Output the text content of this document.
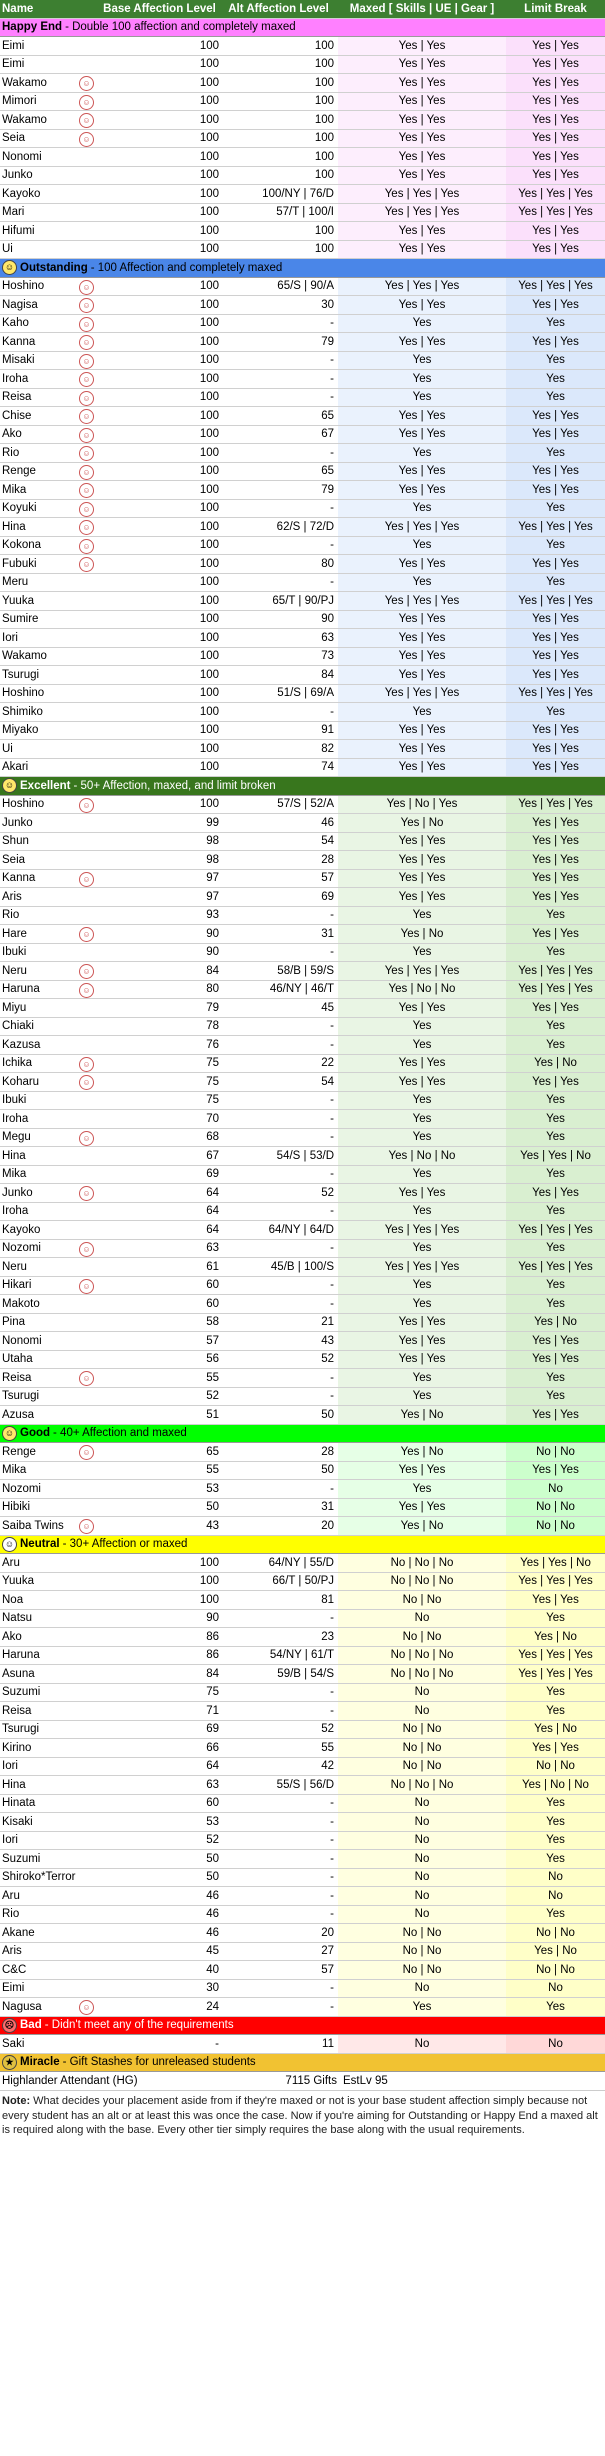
Name	Base Affection Level	Alt Affection Level	Maxed [ Skills | UE | Gear ]	Limit Break
Happy End - Double 100 affection and completely maxed
Eimi	100	100	Yes | Yes	Yes | Yes
Eimi	100	100	Yes | Yes	Yes | Yes
Wakamo	☺	100	100	Yes | Yes	Yes | Yes
Mimori	☺	100	100	Yes | Yes	Yes | Yes
Wakamo	☺	100	100	Yes | Yes	Yes | Yes
Seia	☺	100	100	Yes | Yes	Yes | Yes
Nonomi	100	100	Yes | Yes	Yes | Yes
Junko	100	100	Yes | Yes	Yes | Yes
Kayoko	100	100/NY | 76/D	Yes | Yes | Yes	Yes | Yes | Yes
Mari	100	57/T | 100/I	Yes | Yes | Yes	Yes | Yes | Yes
Hifumi	100	100	Yes | Yes	Yes | Yes
Ui	100	100	Yes | Yes	Yes | Yes
☺ Outstanding - 100 Affection and completely maxed
Hoshino	☺	100	65/S | 90/A	Yes | Yes | Yes	Yes | Yes | Yes
Nagisa	☺	100	30	Yes | Yes	Yes | Yes
Kaho	☺	100	-	Yes	Yes
Kanna	☺	100	79	Yes | Yes	Yes | Yes
Misaki	☺	100	-	Yes	Yes
Iroha	☺	100	-	Yes	Yes
Reisa	☺	100	-	Yes	Yes
Chise	☺	100	65	Yes | Yes	Yes | Yes
Ako	☺	100	67	Yes | Yes	Yes | Yes
Rio	☺	100	-	Yes	Yes
Renge	☺	100	65	Yes | Yes	Yes | Yes
Mika	☺	100	79	Yes | Yes	Yes | Yes
Koyuki	☺	100	-	Yes	Yes
Hina	☺	100	62/S | 72/D	Yes | Yes | Yes	Yes | Yes | Yes
Kokona	☺	100	-	Yes	Yes
Fubuki	☺	100	80	Yes | Yes	Yes | Yes
Meru	100	-	Yes	Yes
Yuuka	100	65/T | 90/PJ	Yes | Yes | Yes	Yes | Yes | Yes
Sumire	100	90	Yes | Yes	Yes | Yes
Iori	100	63	Yes | Yes	Yes | Yes
Wakamo	100	73	Yes | Yes	Yes | Yes
Tsurugi	100	84	Yes | Yes	Yes | Yes
Hoshino	100	51/S | 69/A	Yes | Yes | Yes	Yes | Yes | Yes
Shimiko	100	-	Yes	Yes
Miyako	100	91	Yes | Yes	Yes | Yes
Ui	100	82	Yes | Yes	Yes | Yes
Akari	100	74	Yes | Yes	Yes | Yes
☺ Excellent - 50+ Affection, maxed, and limit broken
Hoshino	☺	100	57/S | 52/A	Yes | No | Yes	Yes | Yes | Yes
Junko	99	46	Yes | No	Yes | Yes
Shun	98	54	Yes | Yes	Yes | Yes
Seia	98	28	Yes | Yes	Yes | Yes
Kanna	☺	97	57	Yes | Yes	Yes | Yes
Aris	97	69	Yes | Yes	Yes | Yes
Rio	93	-	Yes	Yes
Hare	☺	90	31	Yes | No	Yes | Yes
Ibuki	90	-	Yes	Yes
Neru	☺	84	58/B | 59/S	Yes | Yes | Yes	Yes | Yes | Yes
Haruna	☺	80	46/NY | 46/T	Yes | No | No	Yes | Yes | Yes
Miyu	79	45	Yes | Yes	Yes | Yes
Chiaki	78	-	Yes	Yes
Kazusa	76	-	Yes	Yes
Ichika	☺	75	22	Yes | Yes	Yes | No
Koharu	☺	75	54	Yes | Yes	Yes | Yes
Ibuki	75	-	Yes	Yes
Iroha	70	-	Yes	Yes
Megu	☺	68	-	Yes	Yes
Hina	67	54/S | 53/D	Yes | No | No	Yes | Yes | No
Mika	69	-	Yes	Yes
Junko	☺	64	52	Yes | Yes	Yes | Yes
Iroha	64	-	Yes	Yes
Kayoko	64	64/NY | 64/D	Yes | Yes | Yes	Yes | Yes | Yes
Nozomi	☺	63	-	Yes	Yes
Neru	61	45/B | 100/S	Yes | Yes | Yes	Yes | Yes | Yes
Hikari	☺	60	-	Yes	Yes
Makoto	60	-	Yes	Yes
Pina	58	21	Yes | Yes	Yes | No
Nonomi	57	43	Yes | Yes	Yes | Yes
Utaha	56	52	Yes | Yes	Yes | Yes
Reisa	☺	55	-	Yes	Yes
Tsurugi	52	-	Yes	Yes
Azusa	51	50	Yes | No	Yes | Yes
☺ Good - 40+ Affection and maxed
Renge	☺	65	28	Yes | No	No | No
Mika	55	50	Yes | Yes	Yes | Yes
Nozomi	53	-	Yes	No
Hibiki	50	31	Yes | Yes	No | No
Saiba Twins	☺	43	20	Yes | No	No | No
☺ Neutral - 30+ Affection or maxed
Aru	100	64/NY | 55/D	No | No | No	Yes | Yes | No
Yuuka	100	66/T | 50/PJ	No | No | No	Yes | Yes | Yes
Noa	100	81	No | No	Yes | Yes
Natsu	90	-	No	Yes
Ako	86	23	No | No	Yes | No
Haruna	86	54/NY | 61/T	No | No | No	Yes | Yes | Yes
Asuna	84	59/B | 54/S	No | No | No	Yes | Yes | Yes
Suzumi	75	-	No	Yes
Reisa	71	-	No	Yes
Tsurugi	69	52	No | No	Yes | No
Kirino	66	55	No | No	Yes | Yes
Iori	64	42	No | No	No | No
Hina	63	55/S | 56/D	No | No | No	Yes | No | No
Hinata	60	-	No	Yes
Kisaki	53	-	No	Yes
Iori	52	-	No	Yes
Suzumi	50	-	No	Yes
Shiroko*Terror	50	-	No	No
Aru	46	-	No	No
Rio	46	-	No	Yes
Akane	46	20	No | No	No | No
Aris	45	27	No | No	Yes | No
C&C	40	57	No | No	No | No
Eimi	30	-	No	No
Nagusa	☺	24	-	Yes	Yes
☹ Bad - Didn't meet any of the requirements
Saki	-	11	No	No
★ Miracle - Gift Stashes for unreleased students
Highlander Attendant (HG)	7115 Gifts EstLv 95
Note: What decides your placement aside from if they're maxed or not is your base student affection simply because not every student has an alt or at least this was once the case. Now if you're aiming for Outstanding or Happy End a maxed alt is required along with the base. Every other tier simply requires the base along with the usual requirements.
